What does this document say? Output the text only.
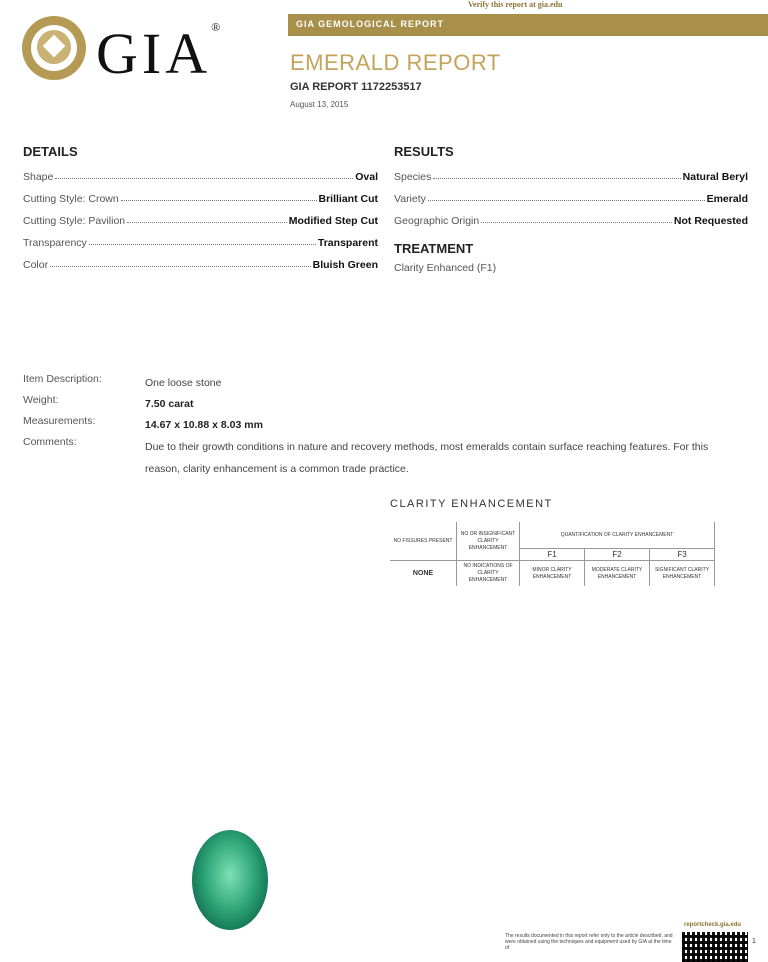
Verify this report at gia.edu
GIA GEMOLOGICAL REPORT
GIA®
EMERALD REPORT
GIA REPORT 1172253517
August 13, 2015
DETAILS
Shape	Oval
Cutting Style: Crown	Brilliant Cut
Cutting Style: Pavilion	Modified Step Cut
Transparency	Transparent
Color	Bluish Green
RESULTS
Species	Natural Beryl
Variety	Emerald
Geographic Origin	Not Requested
TREATMENT
Clarity Enhanced (F1)
Item Description:	One loose stone
Weight:	7.50 carat
Measurements:	14.67 x 10.88 x 8.03 mm
Comments:	Due to their growth conditions in nature and recovery methods, most emeralds contain surface reaching features. For this reason, clarity enhancement is a common trade practice.
CLARITY ENHANCEMENT
NO FISSURES PRESENT	NO OR INSIGNIFICANT CLARITY ENHANCEMENT	QUANTIFICATION OF CLARITY ENHANCEMENT		
		F1	F2	F3
NONE	NO INDICATIONS OF CLARITY ENHANCEMENT	MINOR CLARITY ENHANCEMENT	MODERATE CLARITY ENHANCEMENT	SIGNIFICANT CLARITY ENHANCEMENT
The results documented in this report refer only to the article described, and were obtained using the techniques and equipment used by GIA at the time of
reportcheck.gia.edu
1
